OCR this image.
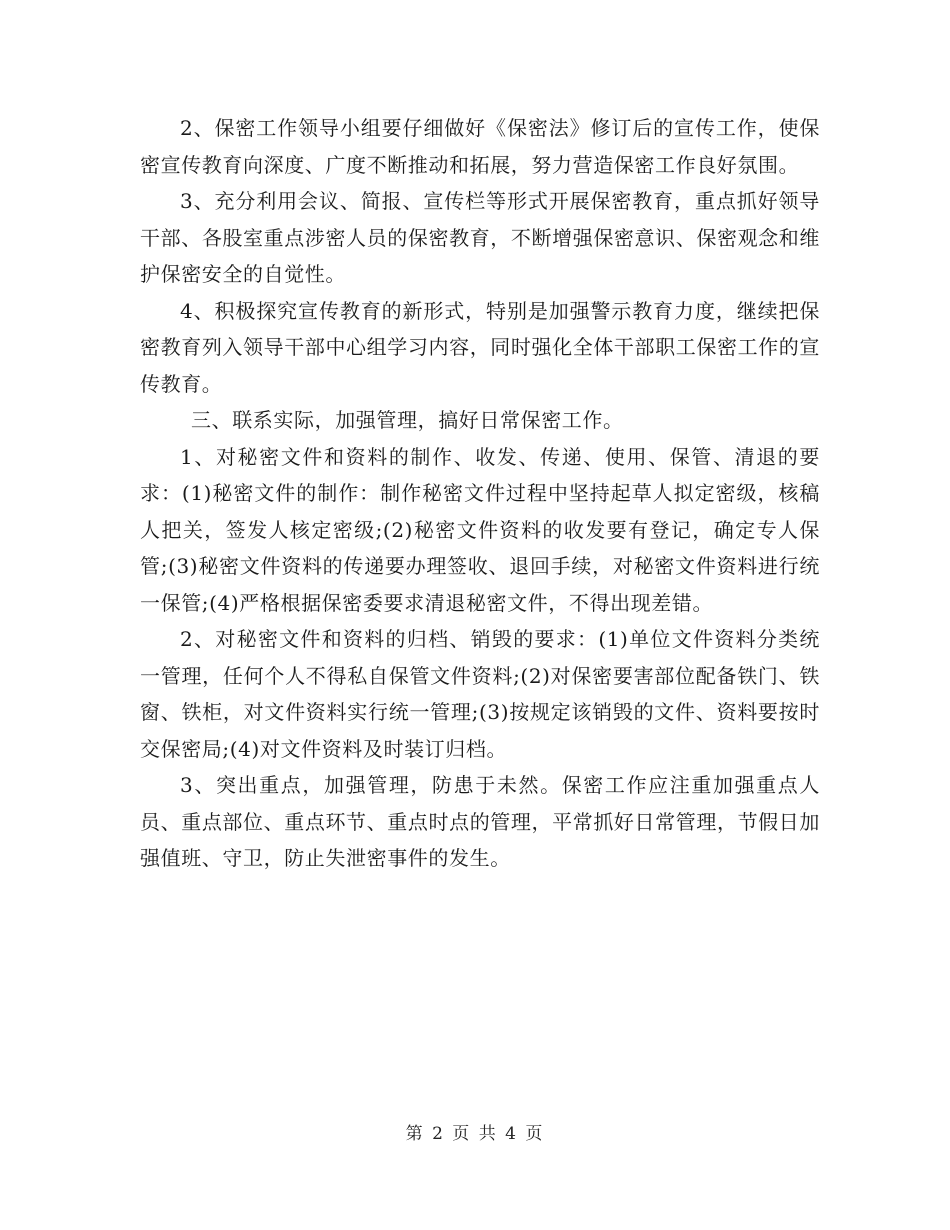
2、保密工作领导小组要仔细做好《保密法》修订后的宣传工作，使保密宣传教育向深度、广度不断推动和拓展，努力营造保密工作良好氛围。

3、充分利用会议、简报、宣传栏等形式开展保密教育，重点抓好领导干部、各股室重点涉密人员的保密教育，不断增强保密意识、保密观念和维护保密安全的自觉性。

4、积极探究宣传教育的新形式，特别是加强警示教育力度，继续把保密教育列入领导干部中心组学习内容，同时强化全体干部职工保密工作的宣传教育。

三、联系实际，加强管理，搞好日常保密工作。

1、对秘密文件和资料的制作、收发、传递、使用、保管、清退的要求：(1)秘密文件的制作：制作秘密文件过程中坚持起草人拟定密级，核稿人把关，签发人核定密级;(2)秘密文件资料的收发要有登记，确定专人保管;(3)秘密文件资料的传递要办理签收、退回手续，对秘密文件资料进行统一保管;(4)严格根据保密委要求清退秘密文件，不得出现差错。

2、对秘密文件和资料的归档、销毁的要求：(1)单位文件资料分类统一管理，任何个人不得私自保管文件资料;(2)对保密要害部位配备铁门、铁窗、铁柜，对文件资料实行统一管理;(3)按规定该销毁的文件、资料要按时交保密局;(4)对文件资料及时装订归档。

3、突出重点，加强管理，防患于未然。保密工作应注重加强重点人员、重点部位、重点环节、重点时点的管理，平常抓好日常管理，节假日加强值班、守卫，防止失泄密事件的发生。

第 2 页 共 4 页
